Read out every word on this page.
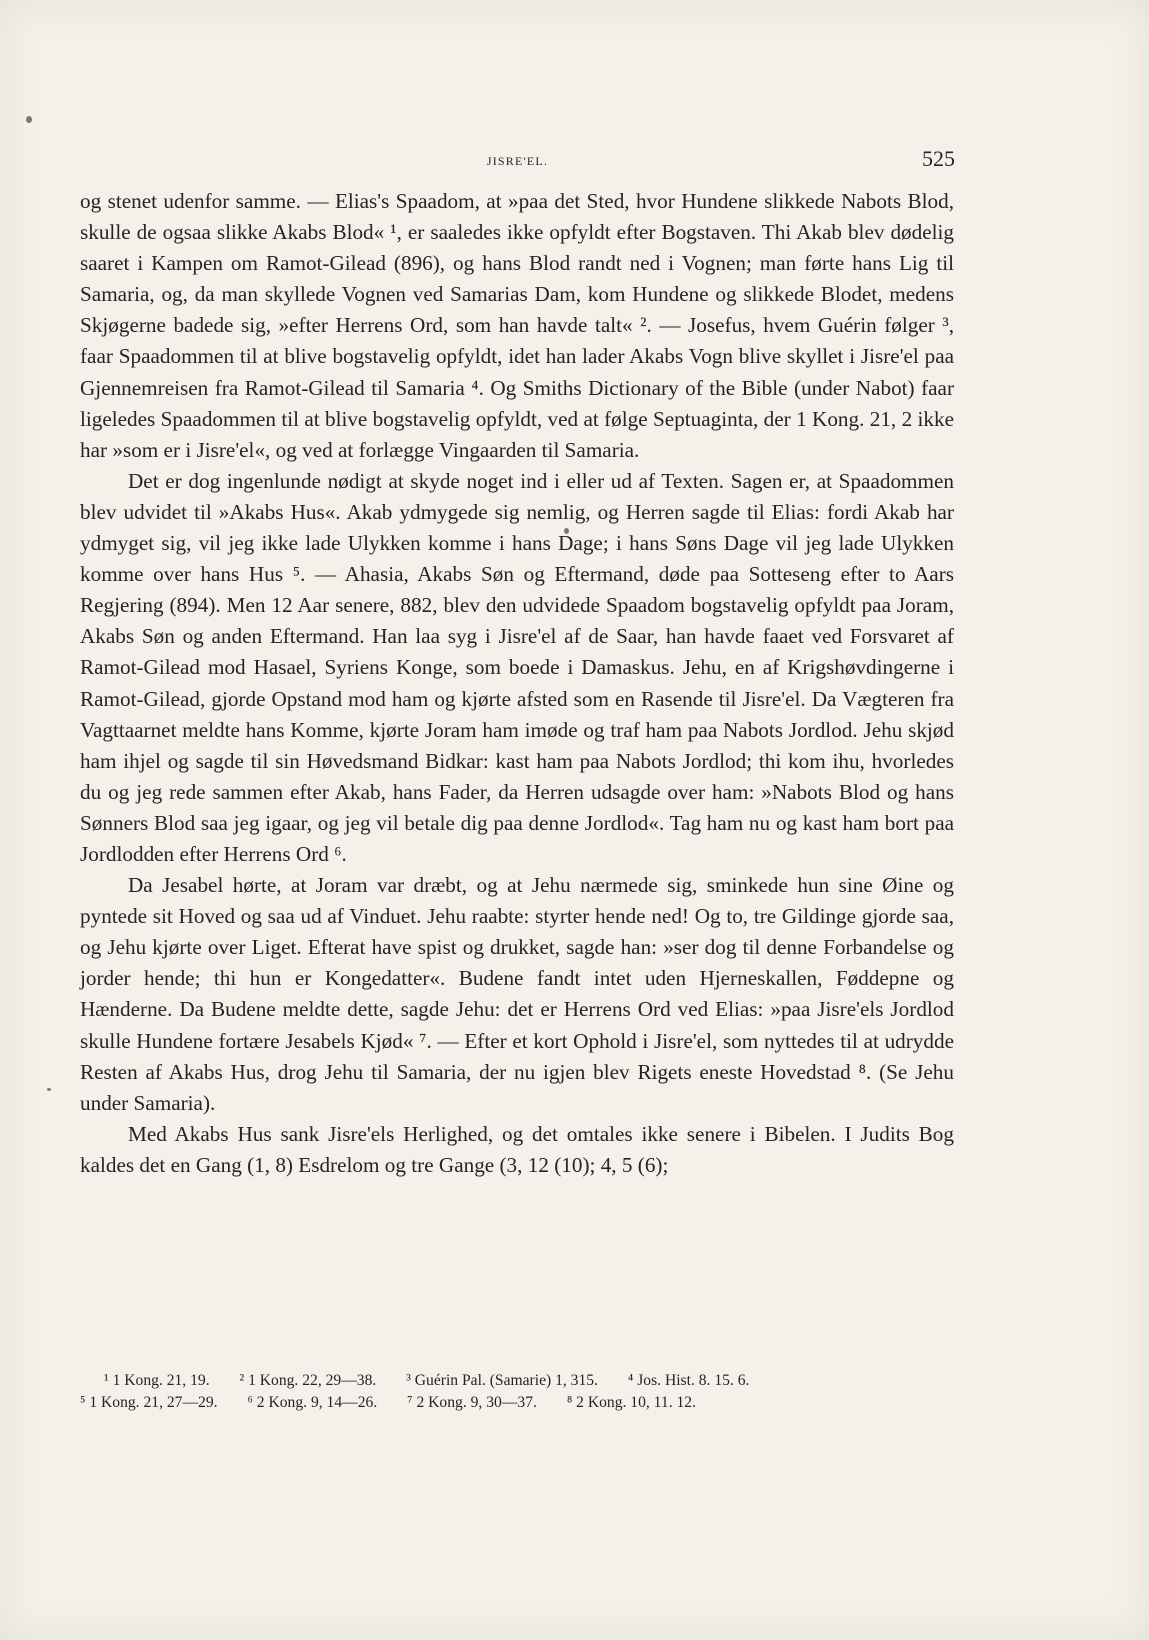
JISRE'EL.	525

og stenet udenfor samme. — Elias's Spaadom, at »paa det Sted, hvor Hundene slikkede Nabots Blod, skulle de ogsaa slikke Akabs Blod« ¹, er saaledes ikke opfyldt efter Bogstaven. Thi Akab blev dødelig saaret i Kampen om Ramot-Gilead (896), og hans Blod randt ned i Vognen; man førte hans Lig til Samaria, og, da man skyllede Vognen ved Samarias Dam, kom Hundene og slikkede Blodet, medens Skjøgerne badede sig, »efter Herrens Ord, som han havde talt« ². — Josefus, hvem Guérin følger ³, faar Spaadommen til at blive bogstavelig opfyldt, idet han lader Akabs Vogn blive skyllet i Jisre'el paa Gjennemreisen fra Ramot-Gilead til Samaria ⁴. Og Smiths Dictionary of the Bible (under Nabot) faar ligeledes Spaadommen til at blive bogstavelig opfyldt, ved at følge Septuaginta, der 1 Kong. 21, 2 ikke har »som er i Jisre'el«, og ved at forlægge Vingaarden til Samaria.

Det er dog ingenlunde nødigt at skyde noget ind i eller ud af Texten. Sagen er, at Spaadommen blev udvidet til »Akabs Hus«. Akab ydmygede sig nemlig, og Herren sagde til Elias: fordi Akab har ydmyget sig, vil jeg ikke lade Ulykken komme i hans Dage; i hans Søns Dage vil jeg lade Ulykken komme over hans Hus ⁵. — Ahasia, Akabs Søn og Eftermand, døde paa Sotteseng efter to Aars Regjering (894). Men 12 Aar senere, 882, blev den udvidede Spaadom bogstavelig opfyldt paa Joram, Akabs Søn og anden Eftermand. Han laa syg i Jisre'el af de Saar, han havde faaet ved Forsvaret af Ramot-Gilead mod Hasael, Syriens Konge, som boede i Damaskus. Jehu, en af Krigshøvdingerne i Ramot-Gilead, gjorde Opstand mod ham og kjørte afsted som en Rasende til Jisre'el. Da Vægteren fra Vagttaarnet meldte hans Komme, kjørte Joram ham imøde og traf ham paa Nabots Jordlod. Jehu skjød ham ihjel og sagde til sin Høvedsmand Bidkar: kast ham paa Nabots Jordlod; thi kom ihu, hvorledes du og jeg rede sammen efter Akab, hans Fader, da Herren udsagde over ham: »Nabots Blod og hans Sønners Blod saa jeg igaar, og jeg vil betale dig paa denne Jordlod«. Tag ham nu og kast ham bort paa Jordlodden efter Herrens Ord ⁶.

Da Jesabel hørte, at Joram var dræbt, og at Jehu nærmede sig, sminkede hun sine Øine og pyntede sit Hoved og saa ud af Vinduet. Jehu raabte: styrter hende ned! Og to, tre Gildinge gjorde saa, og Jehu kjørte over Liget. Efterat have spist og drukket, sagde han: »ser dog til denne Forbandelse og jorder hende; thi hun er Kongedatter«. Budene fandt intet uden Hjerneskallen, Føddерne og Hænderne. Da Budene meldte dette, sagde Jehu: det er Herrens Ord ved Elias: »paa Jisre'els Jordlod skulle Hundene fortære Jesabels Kjød« ⁷. — Efter et kort Ophold i Jisre'el, som nyttedes til at udrydde Resten af Akabs Hus, drog Jehu til Samaria, der nu igjen blev Rigets eneste Hovedstad ⁸. (Se Jehu under Samaria).

Med Akabs Hus sank Jisre'els Herlighed, og det omtales ikke senere i Bibelen. I Judits Bog kaldes det en Gang (1, 8) Esdrelom og tre Gange (3, 12 (10); 4, 5 (6);

¹ 1 Kong. 21, 19. ² 1 Kong. 22, 29—38. ³ Guérin Pal. (Samarie) 1, 315. ⁴ Jos. Hist. 8. 15. 6.
⁵ 1 Kong. 21, 27—29. ⁶ 2 Kong. 9, 14—26. ⁷ 2 Kong. 9, 30—37. ⁸ 2 Kong. 10, 11. 12.
